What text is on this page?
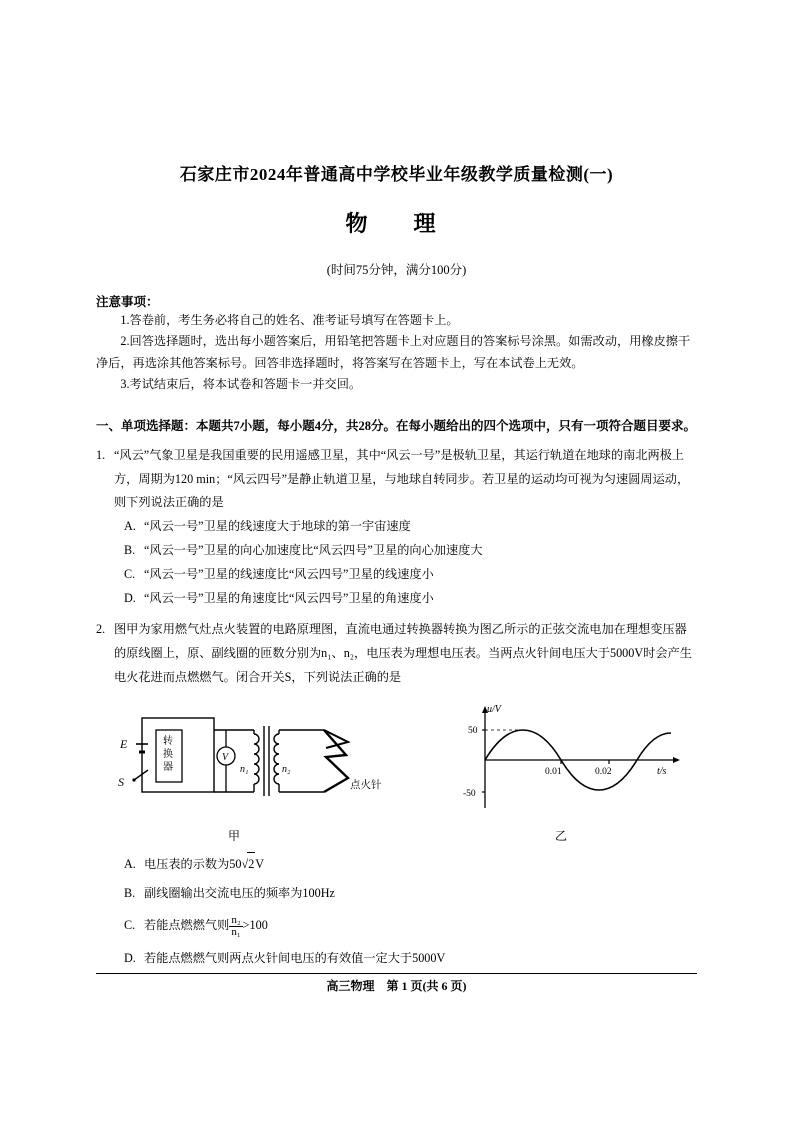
石家庄市2024年普通高中学校毕业年级教学质量检测(一)
物　理
(时间75分钟，满分100分)
注意事项：
1.答卷前，考生务必将自己的姓名、准考证号填写在答题卡上。
2.回答选择题时，选出每小题答案后，用铅笔把答题卡上对应题目的答案标号涂黑。如需改动，用橡皮擦干净后，再选涂其他答案标号。回答非选择题时，将答案写在答题卡上，写在本试卷上无效。
3.考试结束后，将本试卷和答题卡一并交回。
一、单项选择题：本题共7小题，每小题4分，共28分。在每小题给出的四个选项中，只有一项符合题目要求。
1. “风云”气象卫星是我国重要的民用遥感卫星，其中“风云一号”是极轨卫星，其运行轨道在地球的南北两极上方，周期为120 min；“风云四号”是静止轨道卫星，与地球自转同步。若卫星的运动均可视为匀速圆周运动，则下列说法正确的是
A. “风云一号”卫星的线速度大于地球的第一宇宙速度
B. “风云一号”卫星的向心加速度比“风云四号”卫星的向心加速度大
C. “风云一号”卫星的线速度比“风云四号”卫星的线速度小
D. “风云一号”卫星的角速度比“风云四号”卫星的角速度小
2. 图甲为家用燃气灶点火装置的电路原理图，直流电通过转换器转换为图乙所示的正弦交流电加在理想变压器的原线圈上，原、副线圈的匝数分别为n₁、n₂，电压表为理想电压表。当两点火针间电压大于5000V时会产生电火花进而点燃燃气。闭合开关S，下列说法正确的是
E
S
转
换
器
V
n₁	n₂
点火针
甲
u/V
t/s
50
-50
0.01	0.02
乙
A. 电压表的示数为50√2V
B. 副线圈输出交流电压的频率为100Hz
C. 若能点燃燃气则 $\frac{\text{n₂}}{\text{n₁}} >100$
D. 若能点燃燃气则两点火针间电压的有效值一定大于5000V
高三物理　第 1 页(共 6 页)
